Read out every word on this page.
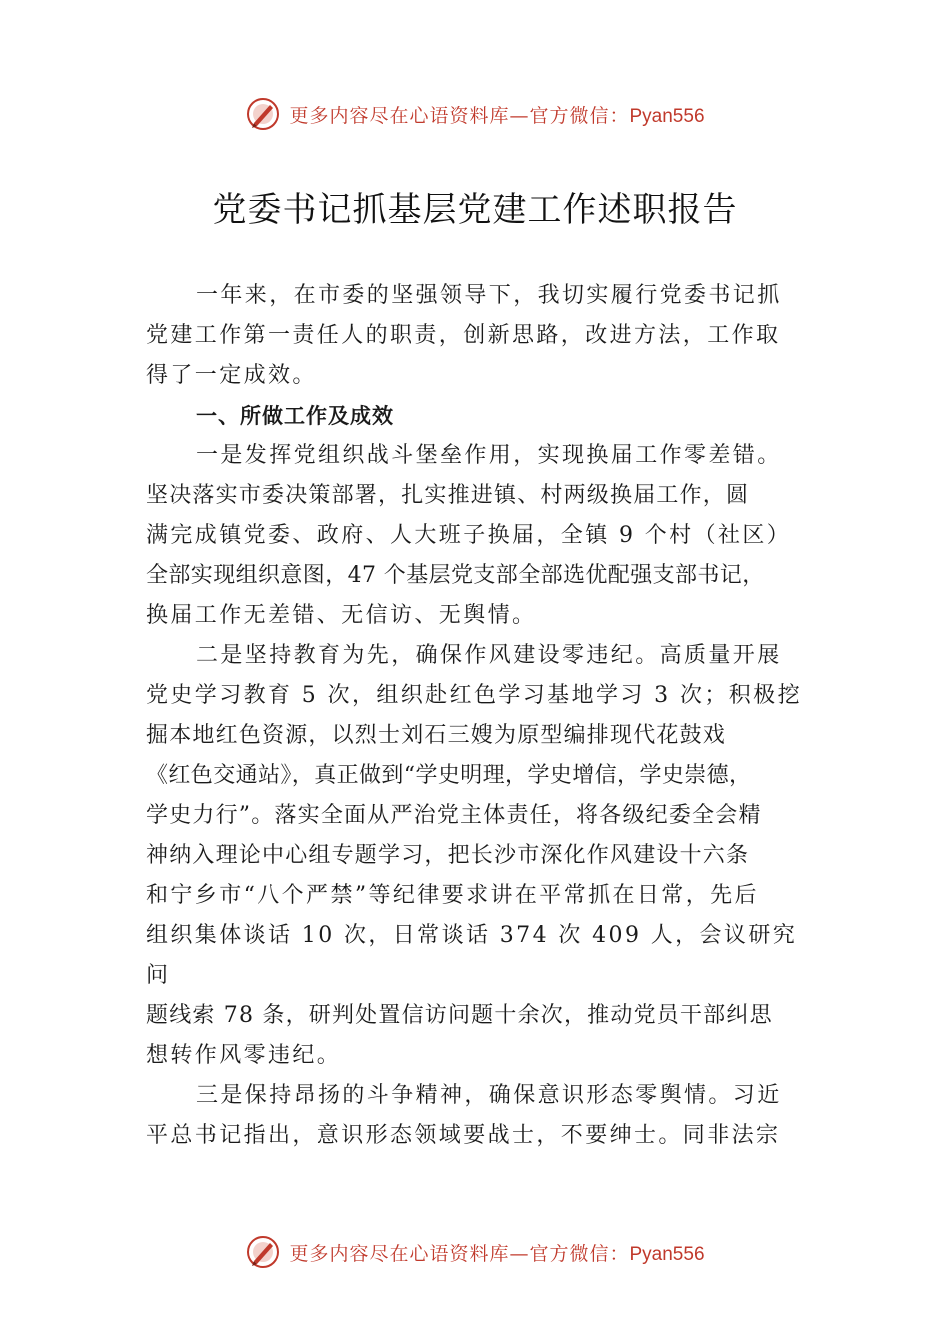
更多内容尽在心语资料库—官方微信：Pyan556
党委书记抓基层党建工作述职报告
一年来，在市委的坚强领导下，我切实履行党委书记抓
党建工作第一责任人的职责，创新思路，改进方法，工作取
得了一定成效。
一、所做工作及成效
一是发挥党组织战斗堡垒作用，实现换届工作零差错。
坚决落实市委决策部署，扎实推进镇、村两级换届工作，圆
满完成镇党委、政府、人大班子换届，全镇 9 个村（社区）
全部实现组织意图，47 个基层党支部全部选优配强支部书记，
换届工作无差错、无信访、无舆情。
二是坚持教育为先，确保作风建设零违纪。高质量开展
党史学习教育 5 次，组织赴红色学习基地学习 3 次；积极挖
掘本地红色资源，以烈士刘石三嫂为原型编排现代花鼓戏
《红色交通站》，真正做到“学史明理，学史增信，学史崇德，
学史力行”。落实全面从严治党主体责任，将各级纪委全会精
神纳入理论中心组专题学习，把长沙市深化作风建设十六条
和宁乡市“八个严禁”等纪律要求讲在平常抓在日常，先后
组织集体谈话 10 次，日常谈话 374 次 409 人，会议研究
问
题线索 78 条，研判处置信访问题十余次，推动党员干部纠思
想转作风零违纪。
三是保持昂扬的斗争精神，确保意识形态零舆情。习近
平总书记指出，意识形态领域要战士，不要绅士。同非法宗
更多内容尽在心语资料库—官方微信：Pyan556
